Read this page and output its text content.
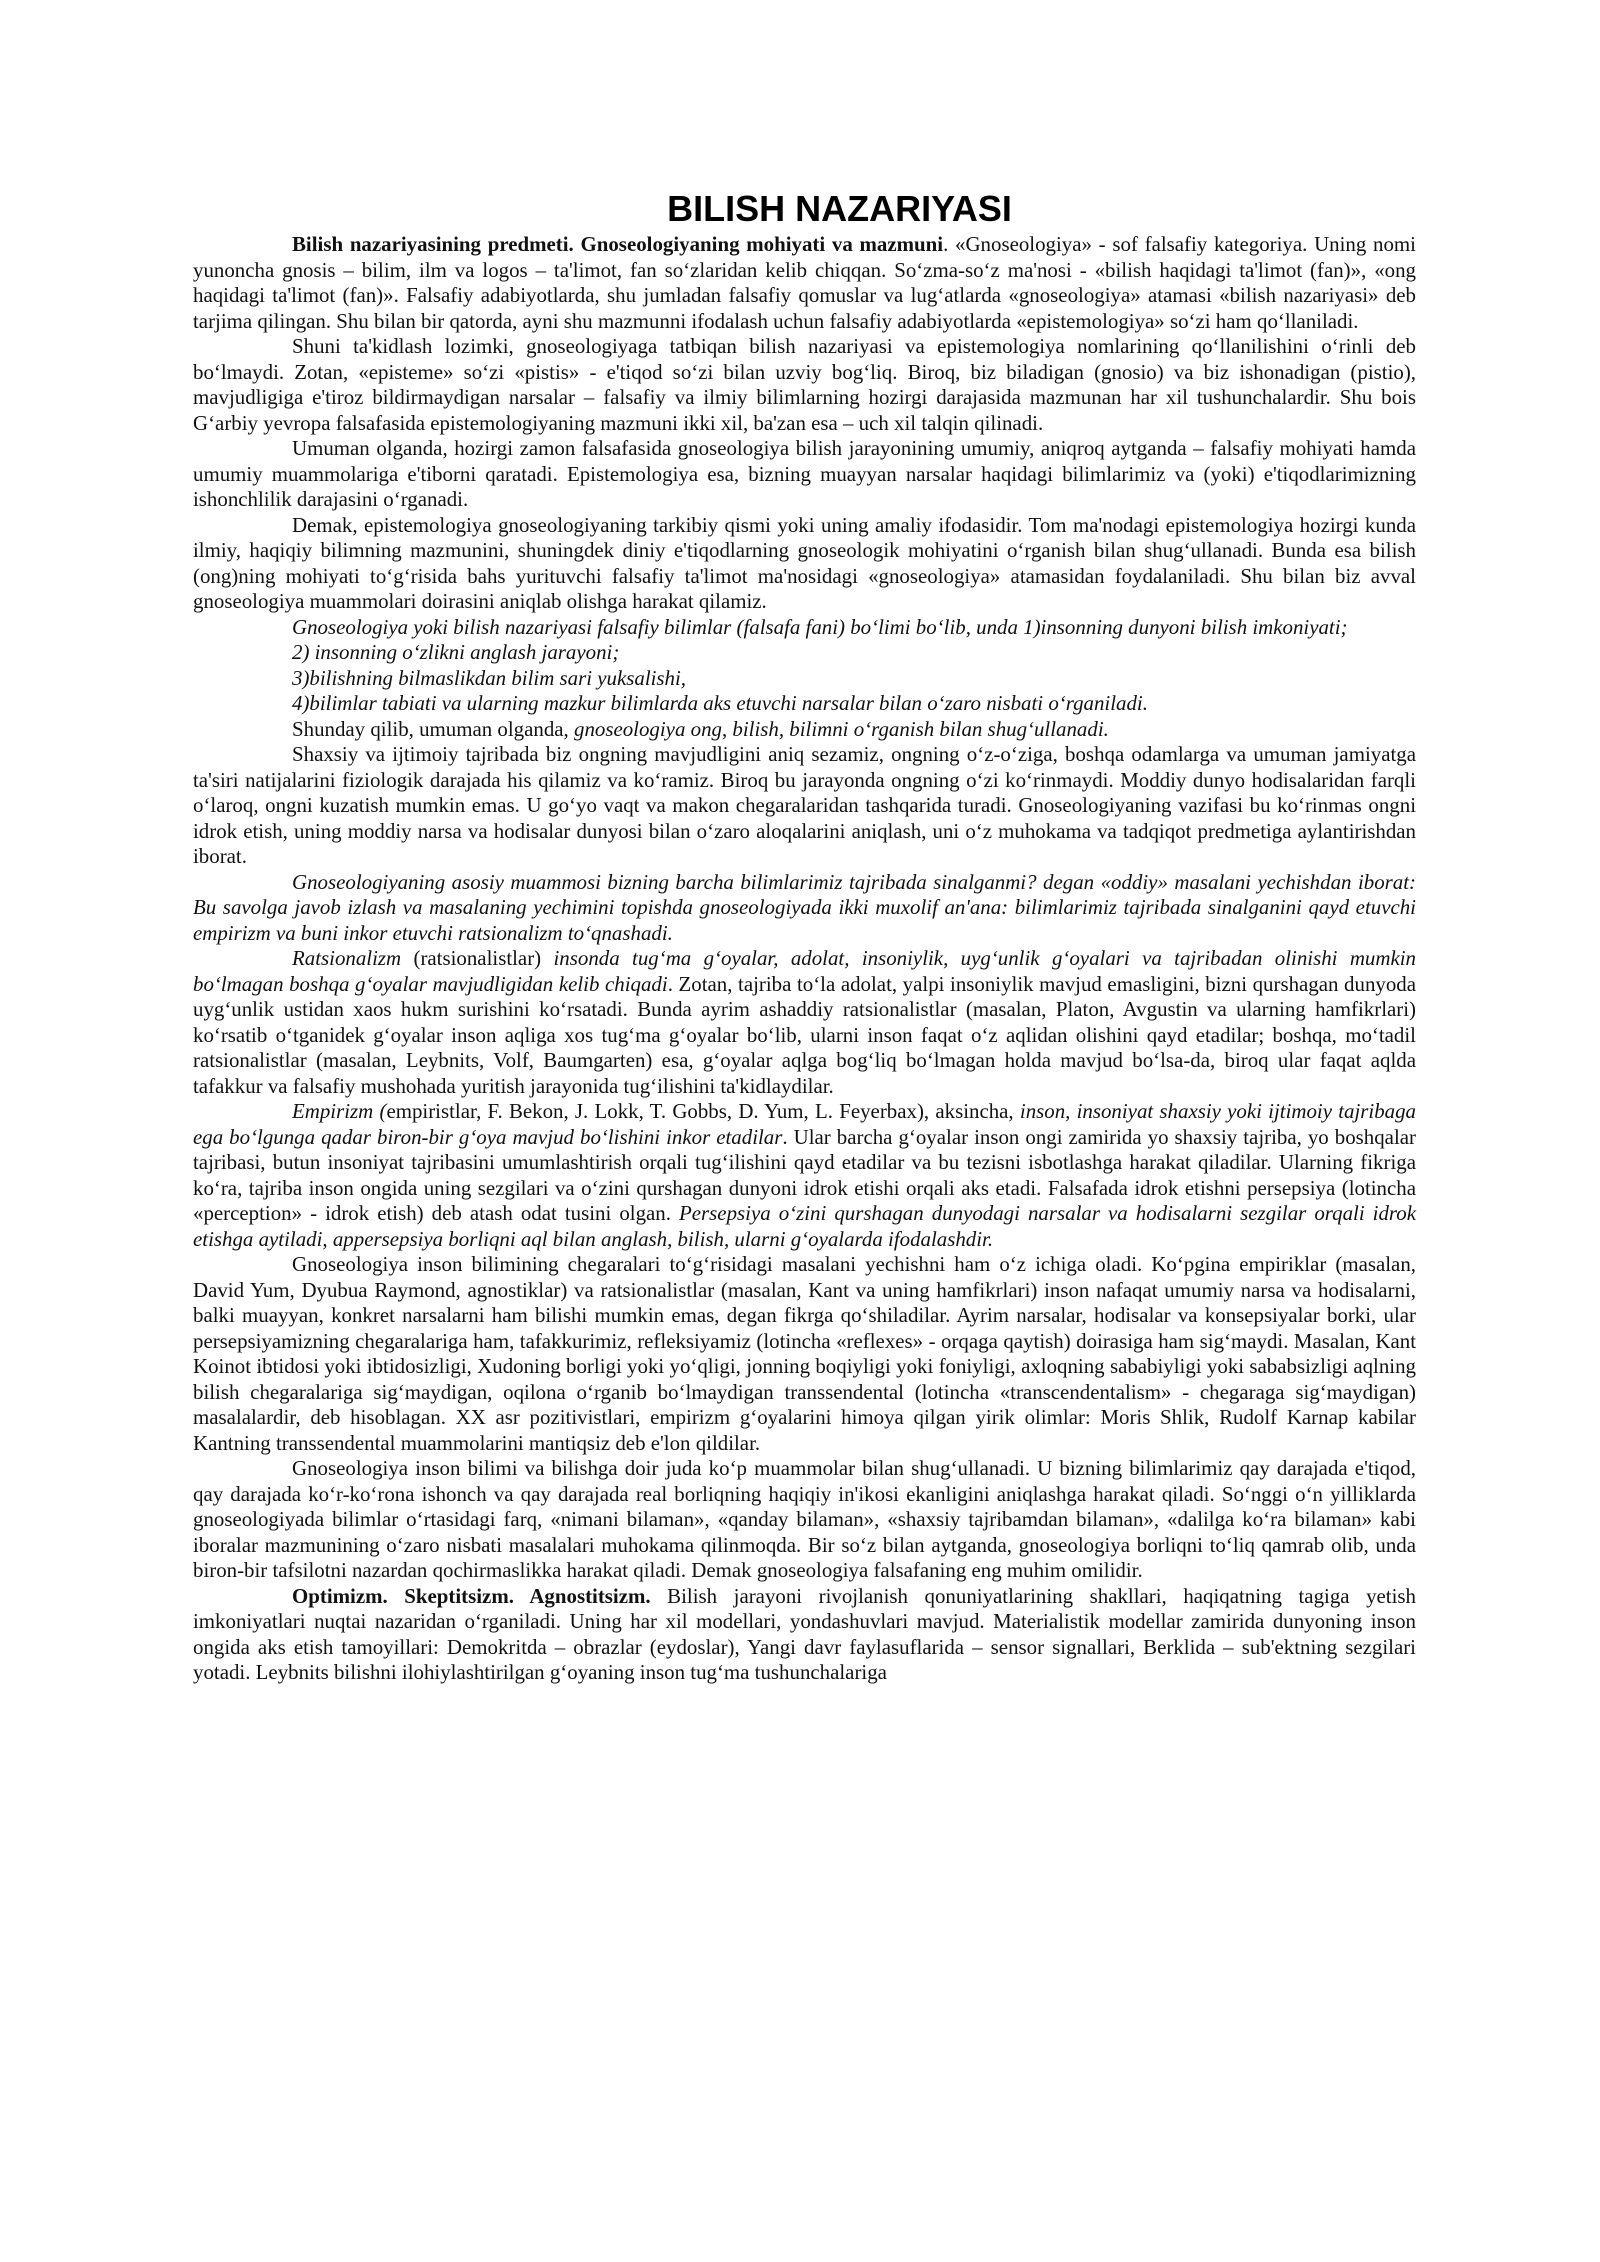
BILISH NAZARIYASI

Bilish nazariyasining predmeti. Gnoseologiyaning mohiyati va mazmuni. «Gnoseologiya» - sof falsafiy kategoriya. Uning nomi yunoncha gnosis – bilim, ilm va logos – ta'limot, fan so‘zlaridan kelib chiqqan. So‘zma-so‘z ma'nosi - «bilish haqidagi ta'limot (fan)», «ong haqidagi ta'limot (fan)». Falsafiy adabiyotlarda, shu jumladan falsafiy qomuslar va lug‘atlarda «gnoseologiya» atamasi «bilish nazariyasi» deb tarjima qilingan. Shu bilan bir qatorda, ayni shu mazmunni ifodalash uchun falsafiy adabiyotlarda «epistemologiya» so‘zi ham qo‘llaniladi.

Shuni ta'kidlash lozimki, gnoseologiyaga tatbiqan bilish nazariyasi va epistemologiya nomlarining qo‘llanilishini o‘rinli deb bo‘lmaydi. Zotan, «episteme» so‘zi «pistis» - e'tiqod so‘zi bilan uzviy bog‘liq. Biroq, biz biladigan (gnosio) va biz ishonadigan (pistio), mavjudligiga e'tiroz bildirmaydigan narsalar – falsafiy va ilmiy bilimlarning hozirgi darajasida mazmunan har xil tushunchalardir. Shu bois G‘arbiy yevropa falsafasida epistemologiyaning mazmuni ikki xil, ba'zan esa – uch xil talqin qilinadi.

Umuman olganda, hozirgi zamon falsafasida gnoseologiya bilish jarayonining umumiy, aniqroq aytganda – falsafiy mohiyati hamda umumiy muammolariga e'tiborni qaratadi. Epistemologiya esa, bizning muayyan narsalar haqidagi bilimlarimiz va (yoki) e'tiqodlarimizning ishonchlilik darajasini o‘rganadi.

Demak, epistemologiya gnoseologiyaning tarkibiy qismi yoki uning amaliy ifodasidir. Tom ma'nodagi epistemologiya hozirgi kunda ilmiy, haqiqiy bilimning mazmunini, shuningdek diniy e'tiqodlarning gnoseologik mohiyatini o‘rganish bilan shug‘ullanadi. Bunda esa bilish (ong)ning mohiyati to‘g‘risida bahs yurituvchi falsafiy ta'limot ma'nosidagi «gnoseologiya» atamasidan foydalaniladi. Shu bilan biz avval gnoseologiya muammolari doirasini aniqlab olishga harakat qilamiz.

Gnoseologiya yoki bilish nazariyasi falsafiy bilimlar (falsafa fani) bo‘limi bo‘lib, unda 1)insonning dunyoni bilish imkoniyati;

2) insonning o‘zlikni anglash jarayoni;

3)bilishning bilmaslikdan bilim sari yuksalishi,

4)bilimlar tabiati va ularning mazkur bilimlarda aks etuvchi narsalar bilan o‘zaro nisbati o‘rganiladi.

Shunday qilib, umuman olganda, gnoseologiya ong, bilish, bilimni o‘rganish bilan shug‘ullanadi.

Shaxsiy va ijtimoiy tajribada biz ongning mavjudligini aniq sezamiz, ongning o‘z-o‘ziga, boshqa odamlarga va umuman jamiyatga ta'siri natijalarini fiziologik darajada his qilamiz va ko‘ramiz. Biroq bu jarayonda ongning o‘zi ko‘rinmaydi. Moddiy dunyo hodisalaridan farqli o‘laroq, ongni kuzatish mumkin emas. U go‘yo vaqt va makon chegaralaridan tashqarida turadi. Gnoseologiyaning vazifasi bu ko‘rinmas ongni idrok etish, uning moddiy narsa va hodisalar dunyosi bilan o‘zaro aloqalarini aniqlash, uni o‘z muhokama va tadqiqot predmetiga aylantirishdan iborat.

Gnoseologiyaning asosiy muammosi bizning barcha bilimlarimiz tajribada sinalganmi? degan «oddiy» masalani yechishdan iborat: Bu savolga javob izlash va masalaning yechimini topishda gnoseologiyada ikki muxolif an'ana: bilimlarimiz tajribada sinalganini qayd etuvchi empirizm va buni inkor etuvchi ratsionalizm to‘qnashadi.

Ratsionalizm (ratsionalistlar) insonda tug‘ma g‘oyalar, adolat, insoniylik, uyg‘unlik g‘oyalari va tajribadan olinishi mumkin bo‘lmagan boshqa g‘oyalar mavjudligidan kelib chiqadi. Zotan, tajriba to‘la adolat, yalpi insoniylik mavjud emasligini, bizni qurshagan dunyoda uyg‘unlik ustidan xaos hukm surishini ko‘rsatadi. Bunda ayrim ashaddiy ratsionalistlar (masalan, Platon, Avgustin va ularning hamfikrlari) ko‘rsatib o‘tganidek g‘oyalar inson aqliga xos tug‘ma g‘oyalar bo‘lib, ularni inson faqat o‘z aqlidan olishini qayd etadilar; boshqa, mo‘tadil ratsionalistlar (masalan, Leybnits, Volf, Baumgarten) esa, g‘oyalar aqlga bog‘liq bo‘lmagan holda mavjud bo‘lsa-da, biroq ular faqat aqlda tafakkur va falsafiy mushohada yuritish jarayonida tug‘ilishini ta'kidlaydilar.

Empirizm (empiristlar, F. Bekon, J. Lokk, T. Gobbs, D. Yum, L. Feyerbax), aksincha, inson, insoniyat shaxsiy yoki ijtimoiy tajribaga ega bo‘lgunga qadar biron-bir g‘oya mavjud bo‘lishini inkor etadilar. Ular barcha g‘oyalar inson ongi zamirida yo shaxsiy tajriba, yo boshqalar tajribasi, butun insoniyat tajribasini umumlashtirish orqali tug‘ilishini qayd etadilar va bu tezisni isbotlashga harakat qiladilar. Ularning fikriga ko‘ra, tajriba inson ongida uning sezgilari va o‘zini qurshagan dunyoni idrok etishi orqali aks etadi. Falsafada idrok etishni persepsiya (lotincha «perception» - idrok etish) deb atash odat tusini olgan. Persepsiya o‘zini qurshagan dunyodagi narsalar va hodisalarni sezgilar orqali idrok etishga aytiladi, appersepsiya borliqni aql bilan anglash, bilish, ularni g‘oyalarda ifodalashdir.

Gnoseologiya inson bilimining chegaralari to‘g‘risidagi masalani yechishni ham o‘z ichiga oladi. Ko‘pgina empiriklar (masalan, David Yum, Dyubua Raymond, agnostiklar) va ratsionalistlar (masalan, Kant va uning hamfikrlari) inson nafaqat umumiy narsa va hodisalarni, balki muayyan, konkret narsalarni ham bilishi mumkin emas, degan fikrga qo‘shiladilar. Ayrim narsalar, hodisalar va konsepsiyalar borki, ular persepsiyamizning chegaralariga ham, tafakkurimiz, refleksiyamiz (lotincha «reflexes» - orqaga qaytish) doirasiga ham sig‘maydi. Masalan, Kant Koinot ibtidosi yoki ibtidosizligi, Xudoning borligi yoki yo‘qligi, jonning boqiyligi yoki foniyligi, axloqning sababiyligi yoki sababsizligi aqlning bilish chegaralariga sig‘maydigan, oqilona o‘rganib bo‘lmaydigan transsendental (lotincha «transcendentalism» - chegaraga sig‘maydigan) masalalardir, deb hisoblagan. XX asr pozitivistlari, empirizm g‘oyalarini himoya qilgan yirik olimlar: Moris Shlik, Rudolf Karnap kabilar Kantning transsendental muammolarini mantiqsiz deb e'lon qildilar.

Gnoseologiya inson bilimi va bilishga doir juda ko‘p muammolar bilan shug‘ullanadi. U bizning bilimlarimiz qay darajada e'tiqod, qay darajada ko‘r-ko‘rona ishonch va qay darajada real borliqning haqiqiy in'ikosi ekanligini aniqlashga harakat qiladi. So‘nggi o‘n yilliklarda gnoseologiyada bilimlar o‘rtasidagi farq, «nimani bilaman», «qanday bilaman», «shaxsiy tajribamdan bilaman», «dalilga ko‘ra bilaman» kabi iboralar mazmunining o‘zaro nisbati masalalari muhokama qilinmoqda. Bir so‘z bilan aytganda, gnoseologiya borliqni to‘liq qamrab olib, unda biron-bir tafsilotni nazardan qochirmaslikka harakat qiladi. Demak gnoseologiya falsafaning eng muhim omilidir.

Optimizm. Skeptitsizm. Agnostitsizm. Bilish jarayoni rivojlanish qonuniyatlarining shakllari, haqiqatning tagiga yetish imkoniyatlari nuqtai nazaridan o‘rganiladi. Uning har xil modellari, yondashuvlari mavjud. Materialistik modellar zamirida dunyoning inson ongida aks etish tamoyillari: Demokritda – obrazlar (eydoslar), Yangi davr faylasuflarida – sensor signallari, Berklida – sub'ektning sezgilari yotadi. Leybnits bilishni ilohiylashtirilgan g‘oyaning inson tug‘ma tushunchalariga
